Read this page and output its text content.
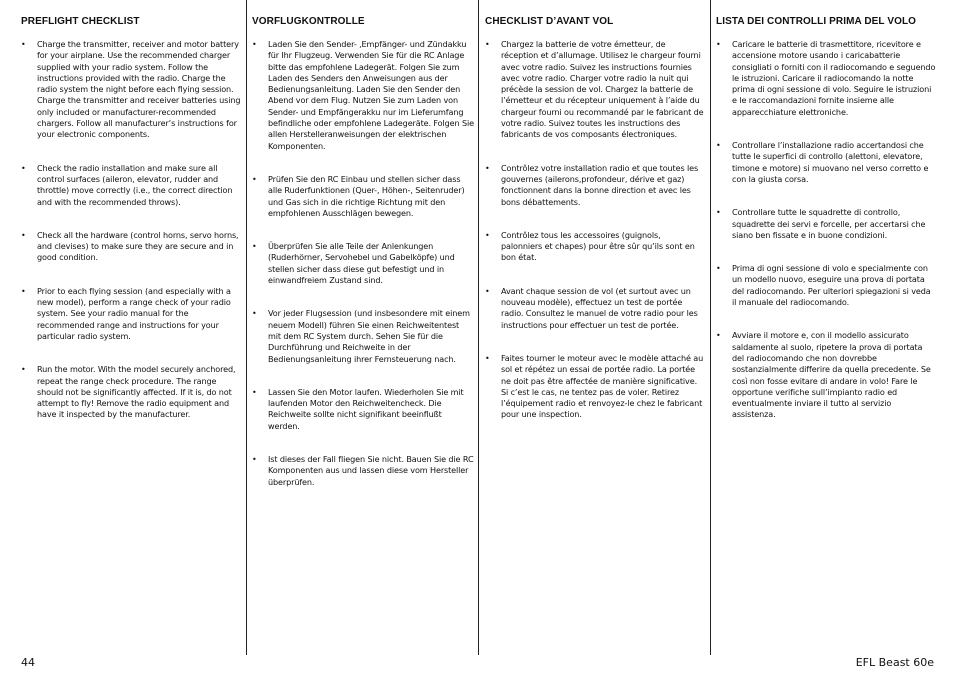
PREFLIGHT CHECKLIST
• Charge the transmitter, receiver and motor battery for your airplane. Use the recommended charger supplied with your radio system. Follow the instructions provided with the radio. Charge the radio system the night before each flying session. Charge the transmitter and receiver batteries using only included or manufacturer-recommended chargers. Follow all manufacturer’s instructions for your electronic components.
• Check the radio installation and make sure all control surfaces (aileron, elevator, rudder and throttle) move correctly (i.e., the correct direction and with the recommended throws).
• Check all the hardware (control horns, servo horns, and clevises) to make sure they are secure and in good condition.
• Prior to each flying session (and especially with a new model), perform a range check of your radio system. See your radio manual for the recommended range and instructions for your particular radio system.
• Run the motor. With the model securely anchored, repeat the range check procedure. The range should not be significantly affected. If it is, do not attempt to fly! Remove the radio equipment and have it inspected by the manufacturer.
VORFLUGKONTROLLE
• Laden Sie den Sender- ,Empfänger- und Zündakku für Ihr Flugzeug. Verwenden Sie für die RC Anlage bitte das empfohlene Ladegerät. Folgen Sie zum Laden des Senders den Anweisungen aus der Bedienungsanleitung. Laden Sie den Sender den Abend vor dem Flug. Nutzen Sie zum Laden von Sender- und Empfängerakku nur im Lieferumfang befindliche oder empfohlene Ladegeräte. Folgen Sie allen Herstelleranweisungen der elektrischen Komponenten.
• Prüfen Sie den RC Einbau und stellen sicher dass alle Ruderfunktionen (Quer-, Höhen-, Seitenruder) und Gas sich in die richtige Richtung mit den empfohlenen Ausschlägen bewegen.
• Überprüfen Sie alle Teile der Anlenkungen (Ruderhörner, Servohebel und Gabelköpfe) und stellen sicher dass diese gut befestigt und in einwandfreiem Zustand sind.
• Vor jeder Flugsession (und insbesondere mit einem neuem Modell) führen Sie einen Reichweitentest mit dem RC System durch. Sehen Sie für die Durchführung und Reichweite in der Bedienungsanleitung ihrer Fernsteuerung nach.
• Lassen Sie den Motor laufen. Wiederholen Sie mit laufenden Motor den Reichweitencheck. Die Reichweite sollte nicht signifikant beeinflußt werden.
• Ist dieses der Fall fliegen Sie nicht. Bauen Sie die RC Komponenten aus und lassen diese vom Hersteller überprüfen.
CHECKLIST D’AVANT VOL
• Chargez la batterie de votre émetteur, de réception et d’allumage. Utilisez le chargeur fourni avec votre radio. Suivez les instructions fournies avec votre radio. Charger votre radio la nuit qui précède la session de vol. Chargez la batterie de l’émetteur et du récepteur uniquement à l’aide du chargeur fourni ou recommandé par le fabricant de votre radio. Suivez toutes les instructions des fabricants de vos composants électroniques.
• Contrôlez votre installation radio et que toutes les gouvernes (ailerons,profondeur, dérive et gaz) fonctionnent dans la bonne direction et avec les bons débattements.
• Contrôlez tous les accessoires (guignols, palonniers et chapes) pour être sûr qu’ils sont en bon état.
• Avant chaque session de vol (et surtout avec un nouveau modèle), effectuez un test de portée radio. Consultez le manuel de votre radio pour les instructions pour effectuer un test de portée.
• Faites tourner le moteur avec le modèle attaché au sol et répétez un essai de portée radio. La portée ne doit pas être affectée de manière significative. Si c’est le cas, ne tentez pas de voler. Retirez l’équipement radio et renvoyez-le chez le fabricant pour une inspection.
LISTA DEI CONTROLLI PRIMA DEL VOLO
• Caricare le batterie di trasmettitore, ricevitore e accensione motore usando i caricabatterie consigliati o forniti con il radiocomando e seguendo le istruzioni. Caricare il radiocomando la notte prima di ogni sessione di volo. Seguire le istruzioni e le raccomandazioni fornite insieme alle apparecchiature elettroniche.
• Controllare l’installazione radio accertandosi che tutte le superfici di controllo (alettoni, elevatore, timone e motore) si muovano nel verso corretto e con la giusta corsa.
• Controllare tutte le squadrette di controllo, squadrette dei servi e forcelle, per accertarsi che siano ben fissate e in buone condizioni.
• Prima di ogni sessione di volo e specialmente con un modello nuovo, eseguire una prova di portata del radiocomando. Per ulteriori spiegazioni si veda il manuale del radiocomando.
• Avviare il motore e, con il modello assicurato saldamente al suolo, ripetere la prova di portata del radiocomando che non dovrebbe sostanzialmente differire da quella precedente. Se così non fosse evitare di andare in volo! Fare le opportune verifiche sull’impianto radio ed eventualmente inviare il tutto al servizio assistenza.
44	EFL Beast 60e
